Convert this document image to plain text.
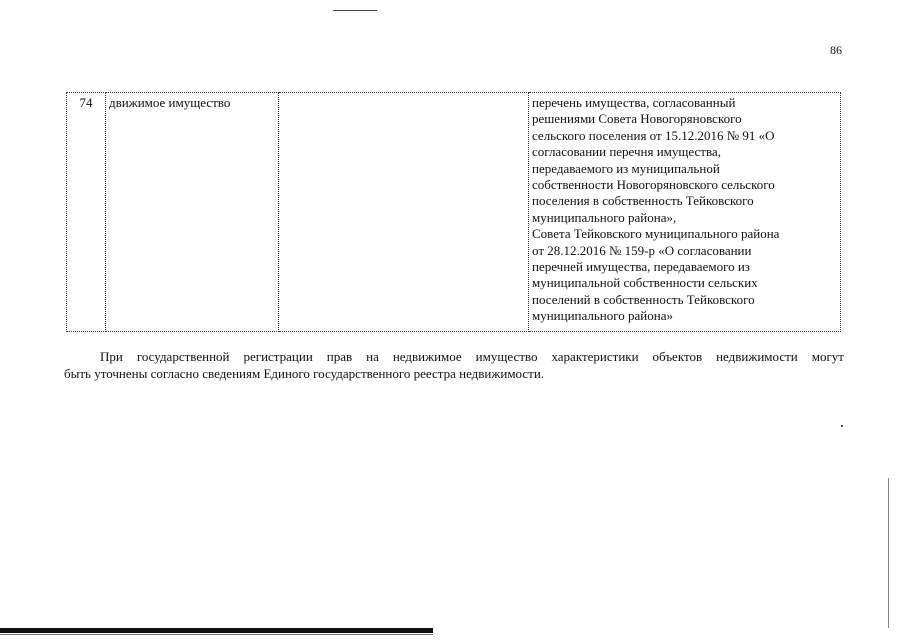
86
74	движимое имущество		перечень имущества, согласованный
решениями Совета Новогоряновского
сельского поселения от 15.12.2016 № 91 «О
согласовании перечня имущества,
передаваемого из муниципальной
собственности Новогоряновского сельского
поселения в собственность Тейковского
муниципального района»,
Совета Тейковского муниципального района
от 28.12.2016 № 159-р «О согласовании
перечней имущества, передаваемого из
муниципальной собственности сельских
поселений в собственность Тейковского
муниципального района»
При государственной регистрации прав на недвижимое имущество характеристики объектов недвижимости могут
быть уточнены согласно сведениям Единого государственного реестра недвижимости.
